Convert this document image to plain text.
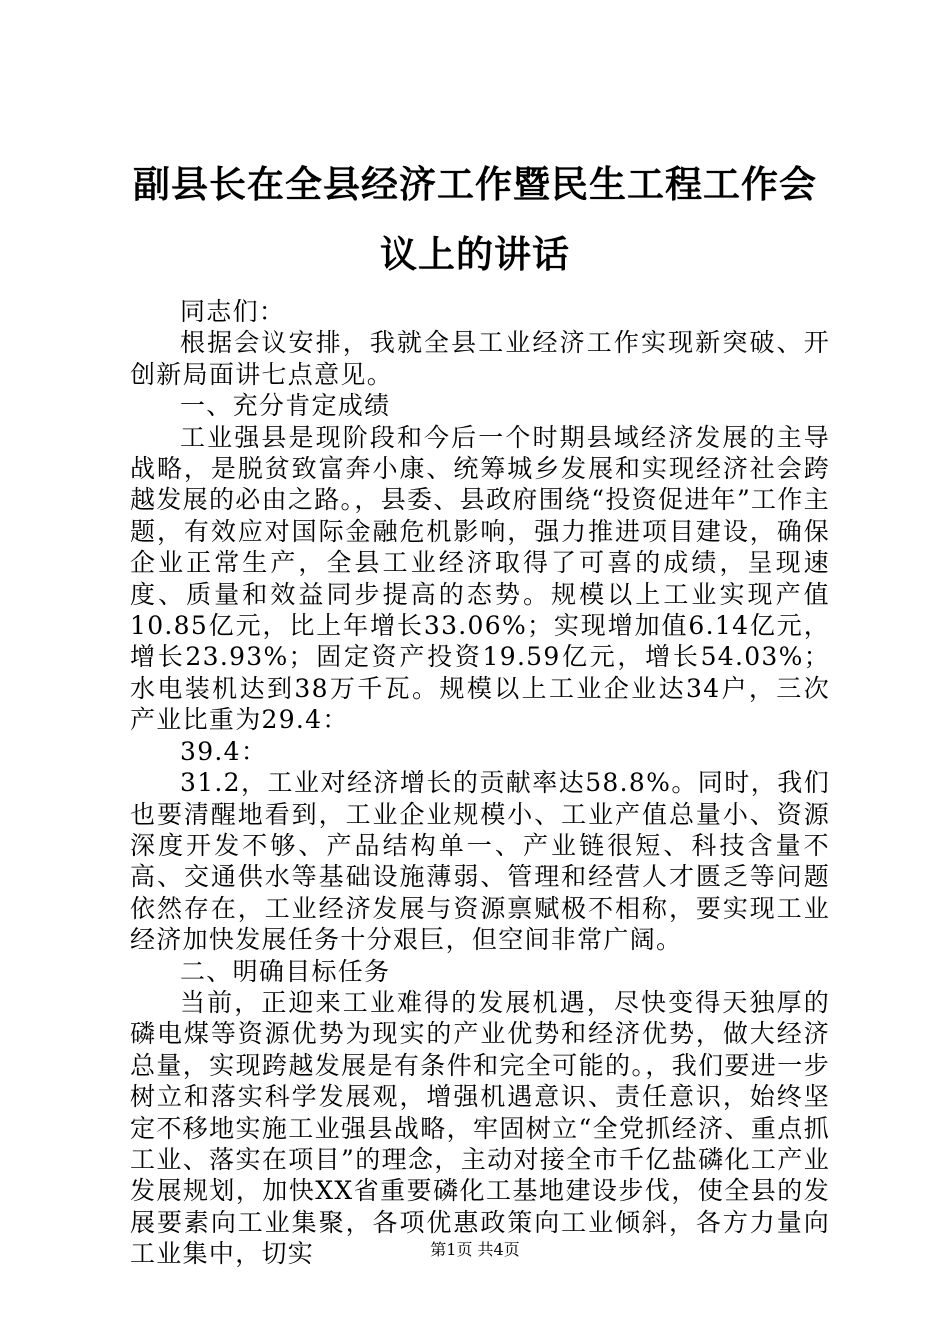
副县长在全县经济工作暨民生工程工作会议上的讲话

同志们：

根据会议安排，我就全县工业经济工作实现新突破、开创新局面讲七点意见。

一、充分肯定成绩

工业强县是现阶段和今后一个时期县域经济发展的主导战略，是脱贫致富奔小康、统筹城乡发展和实现经济社会跨越发展的必由之路。，县委、县政府围绕“投资促进年”工作主题，有效应对国际金融危机影响，强力推进项目建设，确保企业正常生产，全县工业经济取得了可喜的成绩，呈现速度、质量和效益同步提高的态势。规模以上工业实现产值10.85亿元，比上年增长33.06%；实现增加值6.14亿元，增长23.93%；固定资产投资19.59亿元，增长54.03%；水电装机达到38万千瓦。规模以上工业企业达34户，三次产业比重为29.4：

39.4：

31.2，工业对经济增长的贡献率达58.8%。同时，我们也要清醒地看到，工业企业规模小、工业产值总量小、资源深度开发不够、产品结构单一、产业链很短、科技含量不高、交通供水等基础设施薄弱、管理和经营人才匮乏等问题依然存在，工业经济发展与资源禀赋极不相称，要实现工业经济加快发展任务十分艰巨，但空间非常广阔。

二、明确目标任务

当前，正迎来工业难得的发展机遇，尽快变得天独厚的磷电煤等资源优势为现实的产业优势和经济优势，做大经济总量，实现跨越发展是有条件和完全可能的。，我们要进一步树立和落实科学发展观，增强机遇意识、责任意识，始终坚定不移地实施工业强县战略，牢固树立“全党抓经济、重点抓工业、落实在项目”的理念，主动对接全市千亿盐磷化工产业发展规划，加快XX省重要磷化工基地建设步伐，使全县的发展要素向工业集聚，各项优惠政策向工业倾斜，各方力量向工业集中，切实	第1页 共4页
